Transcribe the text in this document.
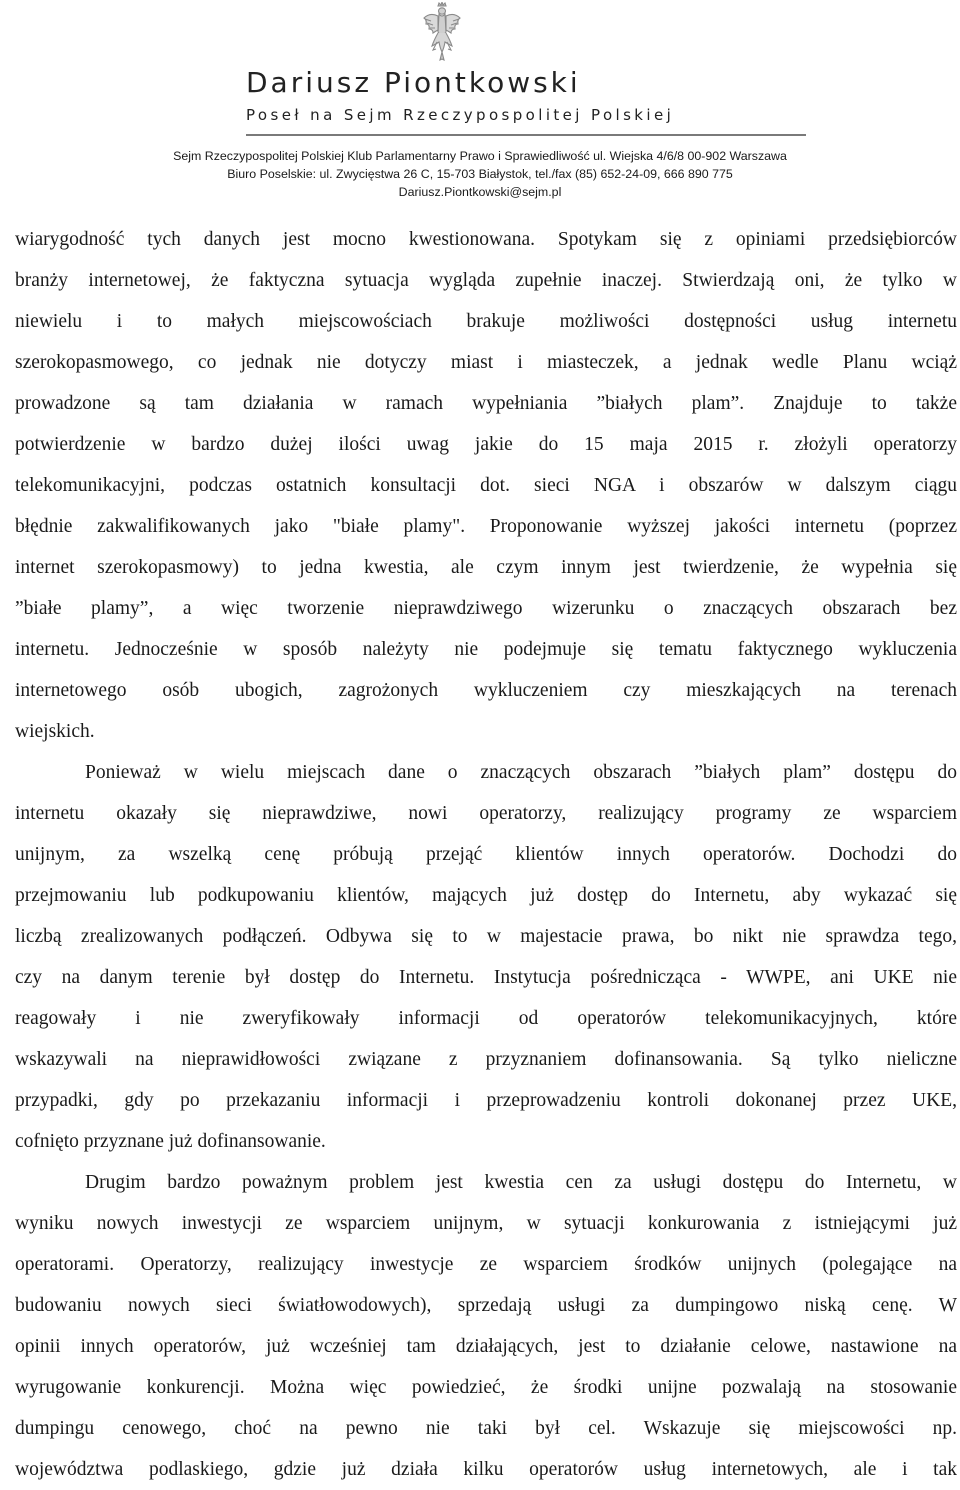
Dariusz Piontkowski
Poseł na Sejm Rzeczypospolitej Polskiej
Sejm Rzeczypospolitej Polskiej Klub Parlamentarny Prawo i Sprawiedliwość ul. Wiejska 4/6/8 00-902 Warszawa
Biuro Poselskie: ul. Zwycięstwa 26 C, 15-703 Białystok, tel./fax (85) 652-24-09, 666 890 775
Dariusz.Piontkowski@sejm.pl
wiarygodność tych danych jest mocno kwestionowana. Spotykam się z opiniami przedsiębiorców
branży internetowej, że faktyczna sytuacja wygląda zupełnie inaczej. Stwierdzają oni, że tylko w
niewielu i to małych miejscowościach brakuje możliwości dostępności usług internetu
szerokopasmowego, co jednak nie dotyczy miast i miasteczek, a jednak wedle Planu wciąż
prowadzone są tam działania w ramach wypełniania ”białych plam”. Znajduje to także
potwierdzenie w bardzo dużej ilości uwag jakie do 15 maja 2015 r. złożyli operatorzy
telekomunikacyjni, podczas ostatnich konsultacji dot. sieci NGA i obszarów w dalszym ciągu
błędnie zakwalifikowanych jako "białe plamy". Proponowanie wyższej jakości internetu (poprzez
internet szerokopasmowy) to jedna kwestia, ale czym innym jest twierdzenie, że wypełnia się
”białe plamy”, a więc tworzenie nieprawdziwego wizerunku o znaczących obszarach bez
internetu. Jednocześnie w sposób należyty nie podejmuje się tematu faktycznego wykluczenia
internetowego osób ubogich, zagrożonych wykluczeniem czy mieszkających na terenach
wiejskich.
Ponieważ w wielu miejscach dane o znaczących obszarach ”białych plam” dostępu do
internetu okazały się nieprawdziwe, nowi operatorzy, realizujący programy ze wsparciem
unijnym, za wszelką cenę próbują przejąć klientów innych operatorów. Dochodzi do
przejmowaniu lub podkupowaniu klientów, mających już dostęp do Internetu, aby wykazać się
liczbą zrealizowanych podłączeń. Odbywa się to w majestacie prawa, bo nikt nie sprawdza tego,
czy na danym terenie był dostęp do Internetu. Instytucja pośrednicząca - WWPE, ani UKE nie
reagowały i nie zweryfikowały informacji od operatorów telekomunikacyjnych, które
wskazywali na nieprawidłowości związane z przyznaniem dofinansowania. Są tylko nieliczne
przypadki, gdy po przekazaniu informacji i przeprowadzeniu kontroli dokonanej przez UKE,
cofnięto przyznane już dofinansowanie.
Drugim bardzo poważnym problem jest kwestia cen za usługi dostępu do Internetu, w
wyniku nowych inwestycji ze wsparciem unijnym, w sytuacji konkurowania z istniejącymi już
operatorami. Operatorzy, realizujący inwestycje ze wsparciem środków unijnych (polegające na
budowaniu nowych sieci światłowodowych), sprzedają usługi za dumpingowo niską cenę. W
opinii innych operatorów, już wcześniej tam działających, jest to działanie celowe, nastawione na
wyrugowanie konkurencji. Można więc powiedzieć, że środki unijne pozwalają na stosowanie
dumpingu cenowego, choć na pewno nie taki był cel. Wskazuje się miejscowości np.
województwa podlaskiego, gdzie już działa kilku operatorów usług internetowych, ale i tak
